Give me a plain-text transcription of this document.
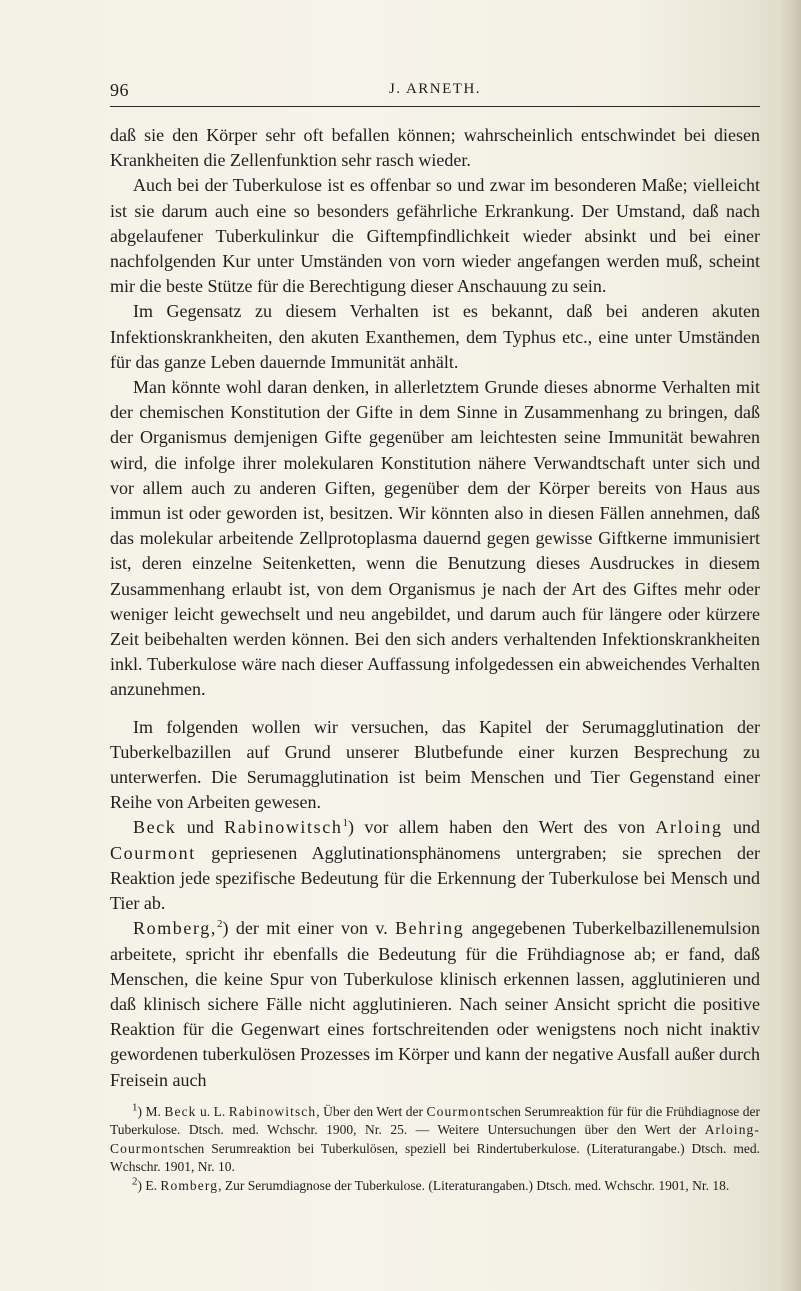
96	J. ARNETH.

daß sie den Körper sehr oft befallen können; wahrscheinlich entschwindet bei diesen Krankheiten die Zellenfunktion sehr rasch wieder.

Auch bei der Tuberkulose ist es offenbar so und zwar im besonderen Maße; vielleicht ist sie darum auch eine so besonders gefährliche Erkrankung. Der Umstand, daß nach abgelaufener Tuberkulinkur die Giftempfindlichkeit wieder absinkt und bei einer nachfolgenden Kur unter Umständen von vorn wieder angefangen werden muß, scheint mir die beste Stütze für die Berechtigung dieser Anschauung zu sein.

Im Gegensatz zu diesem Verhalten ist es bekannt, daß bei anderen akuten Infektionskrankheiten, den akuten Exanthemen, dem Typhus etc., eine unter Umständen für das ganze Leben dauernde Immunität anhält.

Man könnte wohl daran denken, in allerletztem Grunde dieses abnorme Verhalten mit der chemischen Konstitution der Gifte in dem Sinne in Zusammenhang zu bringen, daß der Organismus demjenigen Gifte gegenüber am leichtesten seine Immunität bewahren wird, die infolge ihrer molekularen Konstitution nähere Verwandtschaft unter sich und vor allem auch zu anderen Giften, gegenüber dem der Körper bereits von Haus aus immun ist oder geworden ist, besitzen. Wir könnten also in diesen Fällen annehmen, daß das molekular arbeitende Zellprotoplasma dauernd gegen gewisse Giftkerne immunisiert ist, deren einzelne Seitenketten, wenn die Benutzung dieses Ausdruckes in diesem Zusammenhang erlaubt ist, von dem Organismus je nach der Art des Giftes mehr oder weniger leicht gewechselt und neu angebildet, und darum auch für längere oder kürzere Zeit beibehalten werden können. Bei den sich anders verhaltenden Infektionskrankheiten inkl. Tuberkulose wäre nach dieser Auffassung infolgedessen ein abweichendes Verhalten anzunehmen.

Im folgenden wollen wir versuchen, das Kapitel der Serumagglutination der Tuberkelbazillen auf Grund unserer Blutbefunde einer kurzen Besprechung zu unterwerfen. Die Serumagglutination ist beim Menschen und Tier Gegenstand einer Reihe von Arbeiten gewesen.

Beck und Rabinowitsch$^1$) vor allem haben den Wert des von Arloing und Courmont gepriesenen Agglutinationsphänomens untergraben; sie sprechen der Reaktion jede spezifische Bedeutung für die Erkennung der Tuberkulose bei Mensch und Tier ab.

Romberg,$^2$) der mit einer von v. Behring angegebenen Tuberkelbazillenemulsion arbeitete, spricht ihr ebenfalls die Bedeutung für die Frühdiagnose ab; er fand, daß Menschen, die keine Spur von Tuberkulose klinisch erkennen lassen, agglutinieren und daß klinisch sichere Fälle nicht agglutinieren. Nach seiner Ansicht spricht die positive Reaktion für die Gegenwart eines fortschreitenden oder wenigstens noch nicht inaktiv gewordenen tuberkulösen Prozesses im Körper und kann der negative Ausfall außer durch Freisein auch

$^1$) M. Beck u. L. Rabinowitsch, Über den Wert der Courmontschen Serumreaktion für für die Frühdiagnose der Tuberkulose. Dtsch. med. Wchschr. 1900, Nr. 25. — Weitere Untersuchungen über den Wert der Arloing-Courmontschen Serumreaktion bei Tuberkulösen, speziell bei Rindertuberkulose. (Literaturangabe.) Dtsch. med. Wchschr. 1901, Nr. 10.

$^2$) E. Romberg, Zur Serumdiagnose der Tuberkulose. (Literaturangaben.) Dtsch. med. Wchschr. 1901, Nr. 18.
